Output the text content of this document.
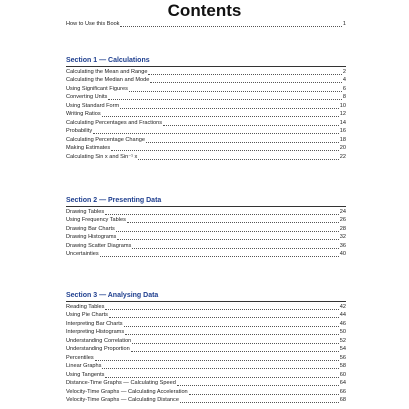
Contents
How to Use this Book	1
Section 1 — Calculations
Calculating the Mean and Range	2
Calculating the Median and Mode	4
Using Significant Figures	6
Converting Units	8
Using Standard Form	10
Writing Ratios	12
Calculating Percentages and Fractions	14
Probability	16
Calculating Percentage Change	18
Making Estimates	20
Calculating Sin x and Sin⁻¹ x	22
Section 2 — Presenting Data
Drawing Tables	24
Using Frequency Tables	26
Drawing Bar Charts	28
Drawing Histograms	32
Drawing Scatter Diagrams	36
Uncertainties	40
Section 3 — Analysing Data
Reading Tables	42
Using Pie Charts	44
Interpreting Bar Charts	46
Interpreting Histograms	50
Understanding Correlation	52
Understanding Proportion	54
Percentiles	56
Linear Graphs	58
Using Tangents	60
Distance-Time Graphs — Calculating Speed	64
Velocity-Time Graphs — Calculating Acceleration	66
Velocity-Time Graphs — Calculating Distance	68
